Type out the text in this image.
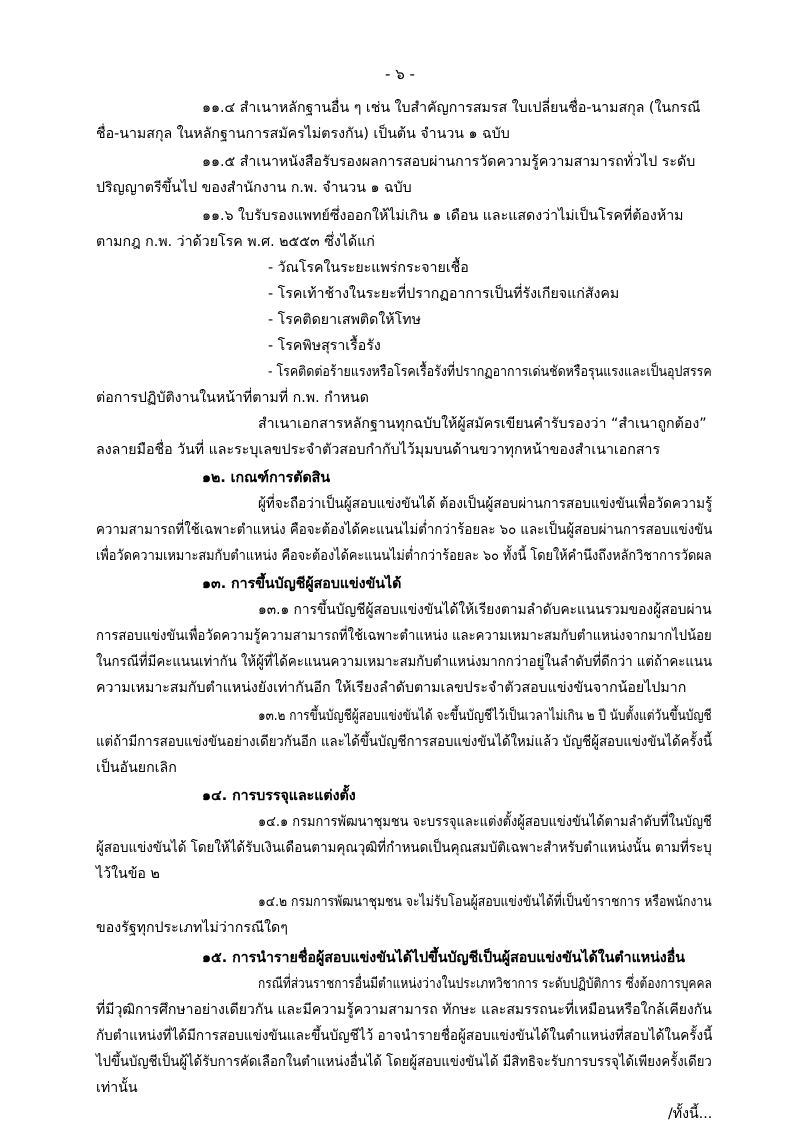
- ๖ -
๑๑.๔ สำเนาหลักฐานอื่น ๆ เช่น ใบสำคัญการสมรส ใบเปลี่ยนชื่อ-นามสกุล (ในกรณี
ชื่อ-นามสกุล ในหลักฐานการสมัครไม่ตรงกัน) เป็นต้น จำนวน ๑ ฉบับ
๑๑.๕ สำเนาหนังสือรับรองผลการสอบผ่านการวัดความรู้ความสามารถทั่วไป ระดับ
ปริญญาตรีขึ้นไป ของสำนักงาน ก.พ. จำนวน ๑ ฉบับ
๑๑.๖ ใบรับรองแพทย์ซึ่งออกให้ไม่เกิน ๑ เดือน และแสดงว่าไม่เป็นโรคที่ต้องห้าม
ตามกฎ ก.พ. ว่าด้วยโรค พ.ศ. ๒๕๕๓ ซึ่งได้แก่
- วัณโรคในระยะแพร่กระจายเชื้อ
- โรคเท้าช้างในระยะที่ปรากฏอาการเป็นที่รังเกียจแก่สังคม
- โรคติดยาเสพติดให้โทษ
- โรคพิษสุราเรื้อรัง
- โรคติดต่อร้ายแรงหรือโรคเรื้อรังที่ปรากฏอาการเด่นชัดหรือรุนแรงและเป็นอุปสรรค
ต่อการปฏิบัติงานในหน้าที่ตามที่ ก.พ. กำหนด
สำเนาเอกสารหลักฐานทุกฉบับให้ผู้สมัครเขียนคำรับรองว่า “สำเนาถูกต้อง”
ลงลายมือชื่อ วันที่ และระบุเลขประจำตัวสอบกำกับไว้มุมบนด้านขวาทุกหน้าของสำเนาเอกสาร
๑๒. เกณฑ์การตัดสิน
ผู้ที่จะถือว่าเป็นผู้สอบแข่งขันได้ ต้องเป็นผู้สอบผ่านการสอบแข่งขันเพื่อวัดความรู้
ความสามารถที่ใช้เฉพาะตำแหน่ง คือจะต้องได้คะแนนไม่ต่ำกว่าร้อยละ ๖๐ และเป็นผู้สอบผ่านการสอบแข่งขัน
เพื่อวัดความเหมาะสมกับตำแหน่ง คือจะต้องได้คะแนนไม่ต่ำกว่าร้อยละ ๖๐ ทั้งนี้ โดยให้คำนึงถึงหลักวิชาการวัดผล
๑๓. การขึ้นบัญชีผู้สอบแข่งขันได้
๑๓.๑ การขึ้นบัญชีผู้สอบแข่งขันได้ให้เรียงตามลำดับคะแนนรวมของผู้สอบผ่าน
การสอบแข่งขันเพื่อวัดความรู้ความสามารถที่ใช้เฉพาะตำแหน่ง และความเหมาะสมกับตำแหน่งจากมากไปน้อย
ในกรณีที่มีคะแนนเท่ากัน ให้ผู้ที่ได้คะแนนความเหมาะสมกับตำแหน่งมากกว่าอยู่ในลำดับที่ดีกว่า แต่ถ้าคะแนน
ความเหมาะสมกับตำแหน่งยังเท่ากันอีก ให้เรียงลำดับตามเลขประจำตัวสอบแข่งขันจากน้อยไปมาก
๑๓.๒ การขึ้นบัญชีผู้สอบแข่งขันได้ จะขึ้นบัญชีไว้เป็นเวลาไม่เกิน ๒ ปี นับตั้งแต่วันขึ้นบัญชี
แต่ถ้ามีการสอบแข่งขันอย่างเดียวกันอีก และได้ขึ้นบัญชีการสอบแข่งขันได้ใหม่แล้ว บัญชีผู้สอบแข่งขันได้ครั้งนี้
เป็นอันยกเลิก
๑๔. การบรรจุและแต่งตั้ง
๑๔.๑ กรมการพัฒนาชุมชน จะบรรจุและแต่งตั้งผู้สอบแข่งขันได้ตามลำดับที่ในบัญชี
ผู้สอบแข่งขันได้ โดยให้ได้รับเงินเดือนตามคุณวุฒิที่กำหนดเป็นคุณสมบัติเฉพาะสำหรับตำแหน่งนั้น ตามที่ระบุ
ไว้ในข้อ ๒
๑๔.๒ กรมการพัฒนาชุมชน จะไม่รับโอนผู้สอบแข่งขันได้ที่เป็นข้าราชการ หรือพนักงาน
ของรัฐทุกประเภทไม่ว่ากรณีใดๆ
๑๕. การนำรายชื่อผู้สอบแข่งขันได้ไปขึ้นบัญชีเป็นผู้สอบแข่งขันได้ในตำแหน่งอื่น
กรณีที่ส่วนราชการอื่นมีตำแหน่งว่างในประเภทวิชาการ ระดับปฏิบัติการ ซึ่งต้องการบุคคล
ที่มีวุฒิการศึกษาอย่างเดียวกัน และมีความรู้ความสามารถ ทักษะ และสมรรถนะที่เหมือนหรือใกล้เคียงกัน
กับตำแหน่งที่ได้มีการสอบแข่งขันและขึ้นบัญชีไว้ อาจนำรายชื่อผู้สอบแข่งขันได้ในตำแหน่งที่สอบได้ในครั้งนี้
ไปขึ้นบัญชีเป็นผู้ได้รับการคัดเลือกในตำแหน่งอื่นได้ โดยผู้สอบแข่งขันได้ มีสิทธิจะรับการบรรจุได้เพียงครั้งเดียว
เท่านั้น
/ทั้งนี้...
